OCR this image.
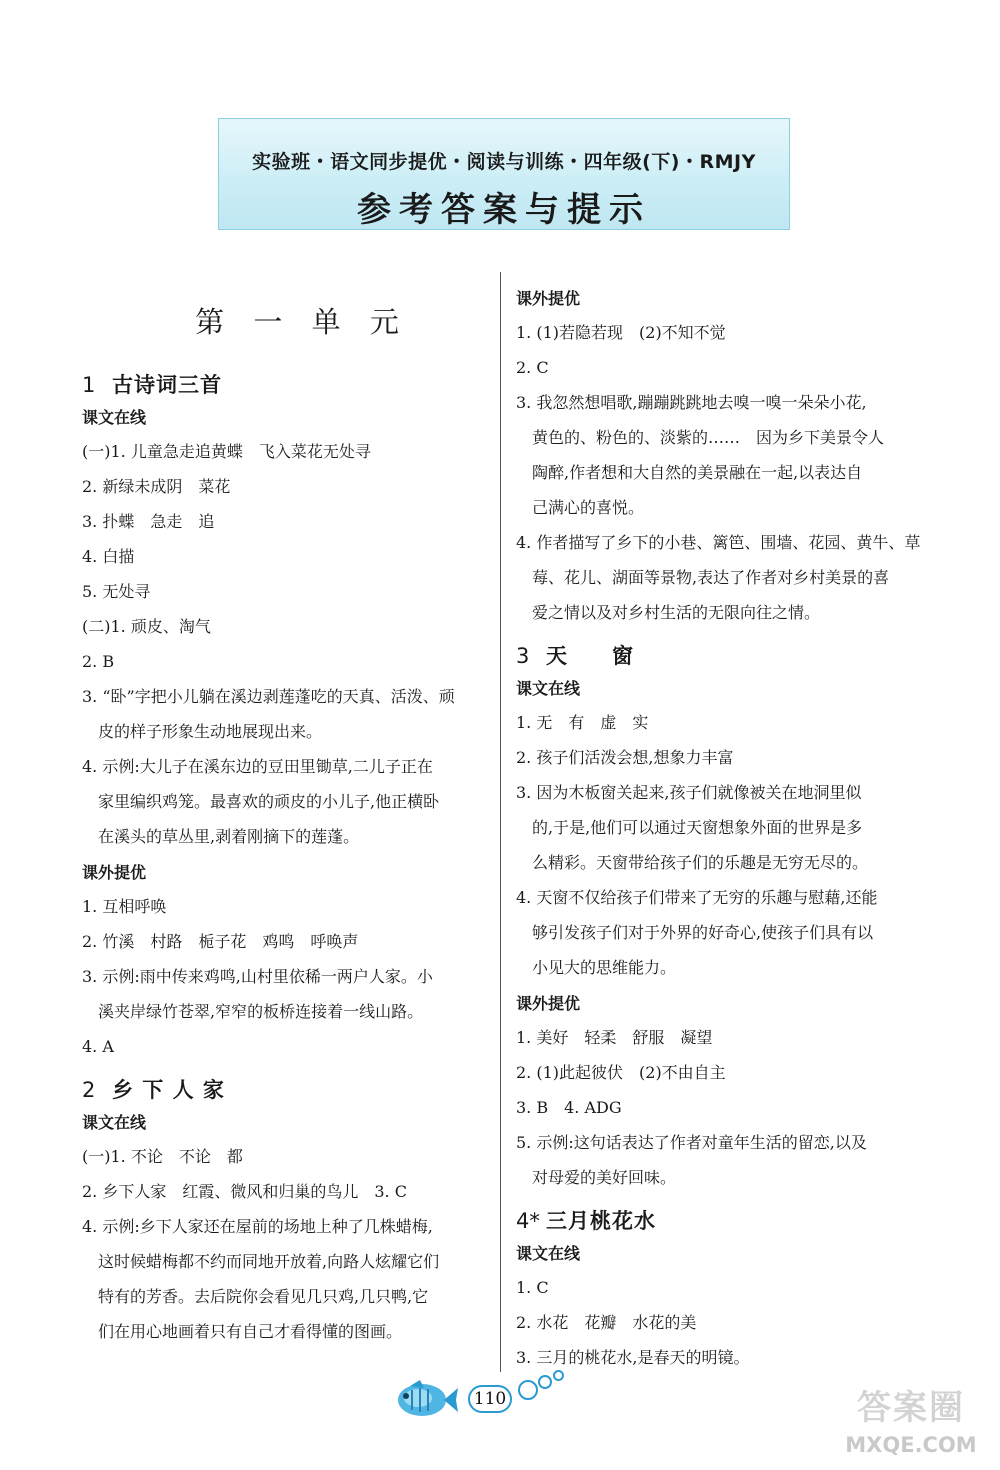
实验班・语文同步提优・阅读与训练・四年级(下)・RMJY
参考答案与提示
第 一 单 元
1 古诗词三首
课文在线
(一)1. 儿童急走追黄蝶　飞入菜花无处寻
2. 新绿未成阴　菜花
3. 扑蝶　急走　追
4. 白描
5. 无处寻
(二)1. 顽皮、淘气
2. B
3. “卧”字把小儿躺在溪边剥莲蓬吃的天真、活泼、顽
　皮的样子形象生动地展现出来。
4. 示例:大儿子在溪东边的豆田里锄草,二儿子正在
　家里编织鸡笼。最喜欢的顽皮的小儿子,他正横卧
　在溪头的草丛里,剥着刚摘下的莲蓬。
课外提优
1. 互相呼唤
2. 竹溪　村路　栀子花　鸡鸣　呼唤声
3. 示例:雨中传来鸡鸣,山村里依稀一两户人家。小
　溪夹岸绿竹苍翠,窄窄的板桥连接着一线山路。
4. A
2 乡 下 人 家
课文在线
(一)1. 不论　不论　都
2. 乡下人家　红霞、微风和归巢的鸟儿　3. C
4. 示例:乡下人家还在屋前的场地上种了几株蜡梅,
　这时候蜡梅都不约而同地开放着,向路人炫耀它们
　特有的芳香。去后院你会看见几只鸡,几只鸭,它
　们在用心地画着只有自己才看得懂的图画。
课外提优
1. (1)若隐若现　(2)不知不觉
2. C
3. 我忽然想唱歌,蹦蹦跳跳地去嗅一嗅一朵朵小花,
　黄色的、粉色的、淡紫的……　因为乡下美景令人
　陶醉,作者想和大自然的美景融在一起,以表达自
　己满心的喜悦。
4. 作者描写了乡下的小巷、篱笆、围墙、花园、黄牛、草
　莓、花儿、湖面等景物,表达了作者对乡村美景的喜
　爱之情以及对乡村生活的无限向往之情。
3 天　　窗
课文在线
1. 无　有　虚　实
2. 孩子们活泼会想,想象力丰富
3. 因为木板窗关起来,孩子们就像被关在地洞里似
　的,于是,他们可以通过天窗想象外面的世界是多
　么精彩。天窗带给孩子们的乐趣是无穷无尽的。
4. 天窗不仅给孩子们带来了无穷的乐趣与慰藉,还能
　够引发孩子们对于外界的好奇心,使孩子们具有以
　小见大的思维能力。
课外提优
1. 美好　轻柔　舒服　凝望
2. (1)此起彼伏　(2)不由自主
3. B　4. ADG
5. 示例:这句话表达了作者对童年生活的留恋,以及
　对母爱的美好回味。
4* 三月桃花水
课文在线
1. C
2. 水花　花瓣　水花的美
3. 三月的桃花水,是春天的明镜。
110	答案圈
MXQE.COM
